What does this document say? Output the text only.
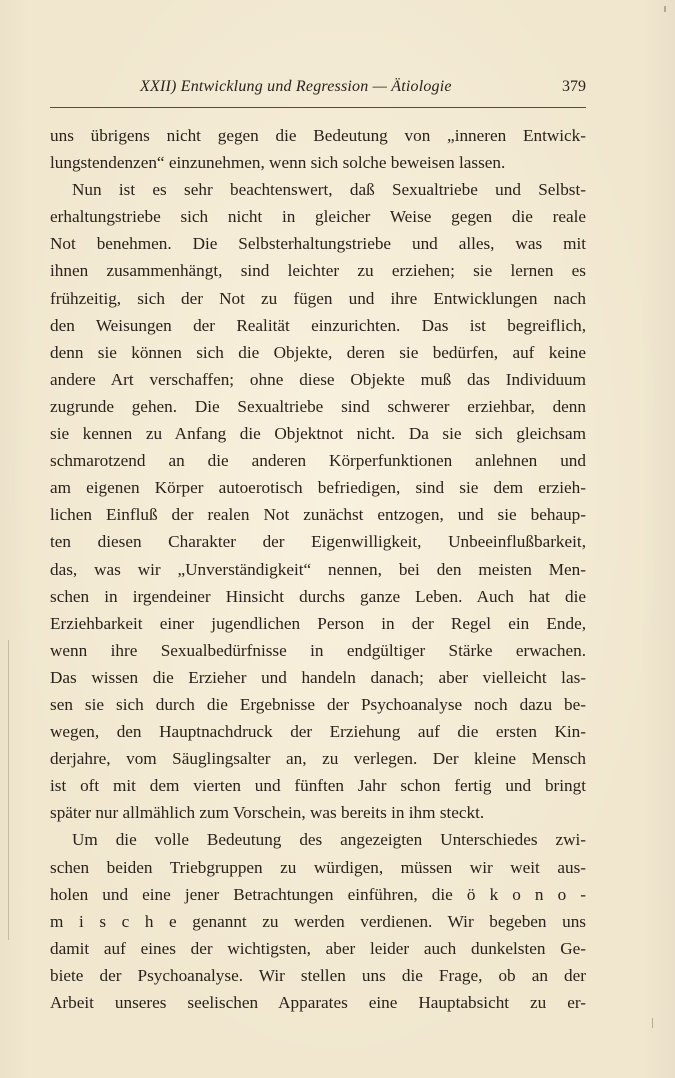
XXII) Entwicklung und Regression — Ätiologie	379
uns übrigens nicht gegen die Bedeutung von „inneren Entwick-
lungstendenzen“ einzunehmen, wenn sich solche beweisen lassen.
Nun ist es sehr beachtenswert, daß Sexualtriebe und Selbst-
erhaltungstriebe sich nicht in gleicher Weise gegen die reale
Not benehmen. Die Selbsterhaltungstriebe und alles, was mit
ihnen zusammenhängt, sind leichter zu erziehen; sie lernen es
frühzeitig, sich der Not zu fügen und ihre Entwicklungen nach
den Weisungen der Realität einzurichten. Das ist begreiflich,
denn sie können sich die Objekte, deren sie bedürfen, auf keine
andere Art verschaffen; ohne diese Objekte muß das Individuum
zugrunde gehen. Die Sexualtriebe sind schwerer erziehbar, denn
sie kennen zu Anfang die Objektnot nicht. Da sie sich gleichsam
schmarotzend an die anderen Körperfunktionen anlehnen und
am eigenen Körper autoerotisch befriedigen, sind sie dem erzieh-
lichen Einfluß der realen Not zunächst entzogen, und sie behaup-
ten diesen Charakter der Eigenwilligkeit, Unbeeinflußbarkeit,
das, was wir „Unverständigkeit“ nennen, bei den meisten Men-
schen in irgendeiner Hinsicht durchs ganze Leben. Auch hat die
Erziehbarkeit einer jugendlichen Person in der Regel ein Ende,
wenn ihre Sexualbedürfnisse in endgültiger Stärke erwachen.
Das wissen die Erzieher und handeln danach; aber vielleicht las-
sen sie sich durch die Ergebnisse der Psychoanalyse noch dazu be-
wegen, den Hauptnachdruck der Erziehung auf die ersten Kin-
derjahre, vom Säuglingsalter an, zu verlegen. Der kleine Mensch
ist oft mit dem vierten und fünften Jahr schon fertig und bringt
später nur allmählich zum Vorschein, was bereits in ihm steckt.
Um die volle Bedeutung des angezeigten Unterschiedes zwi-
schen beiden Triebgruppen zu würdigen, müssen wir weit aus-
holen und eine jener Betrachtungen einführen, die ö k o n o -
m i s c h e genannt zu werden verdienen. Wir begeben uns
damit auf eines der wichtigsten, aber leider auch dunkelsten Ge-
biete der Psychoanalyse. Wir stellen uns die Frage, ob an der
Arbeit unseres seelischen Apparates eine Hauptabsicht zu er-
